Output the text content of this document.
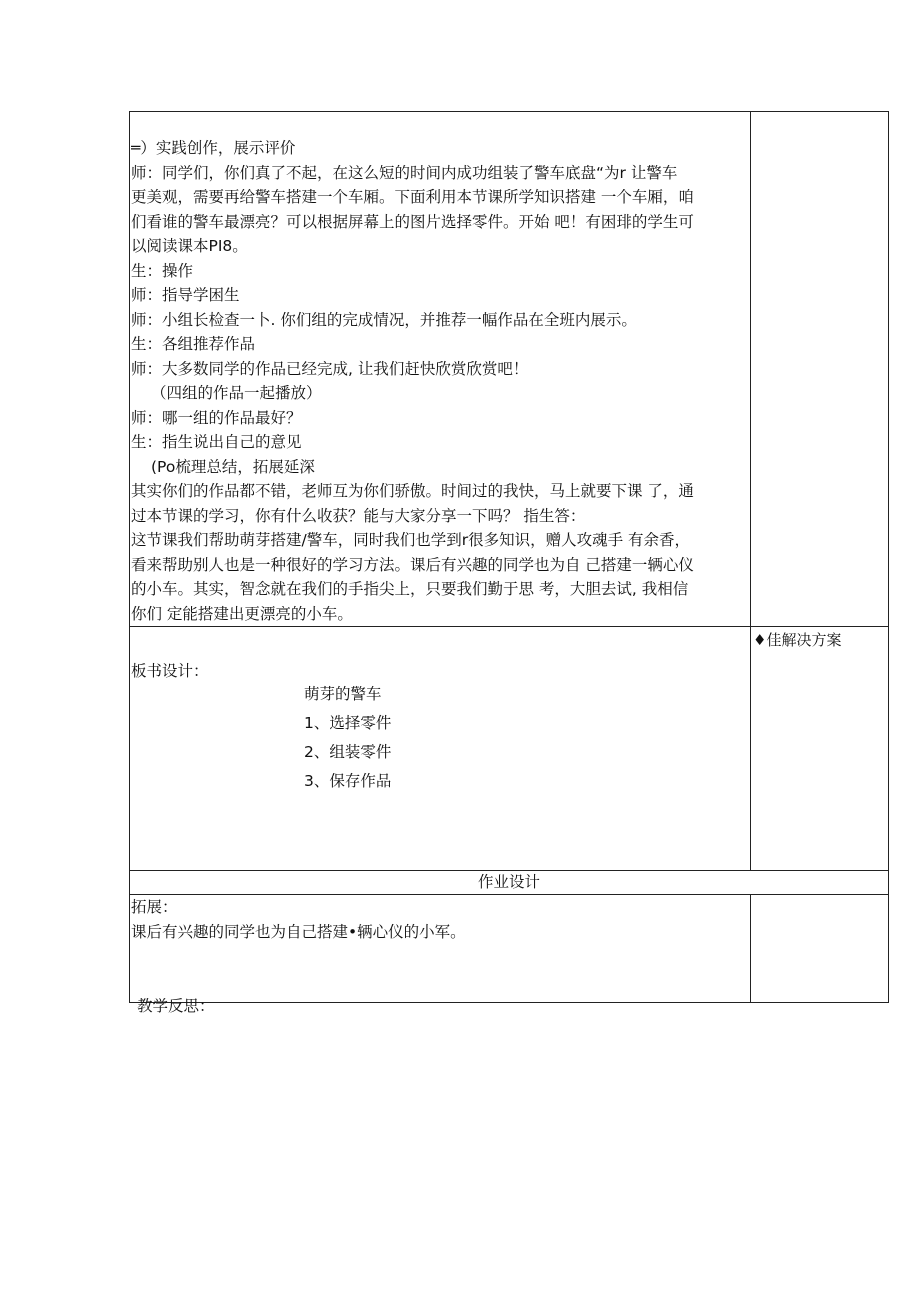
═）实践创作，展示评价
师：同学们，你们真了不起，在这么短的时间内成功组装了警车底盘“为r 让警车
更美观，需要再给警车搭建一个车厢。下面利用本节课所学知识搭建 一个车厢，咱
们看谁的警车最漂亮？可以根据屏幕上的图片选择零件。开始 吧！有困琲的学生可
以阅读课本PI8。
生：操作
师：指导学困生
师：小组长检查一卜. 你们组的完成情况，并推荐一幅作品在全班内展示。
生：各组推荐作品
师：大多数同学的作品已经完成, 让我们赶快欣赏欣赏吧！
（四组的作品一起播放）
师：哪一组的作品最好？
生：指生说出自己的意见
(Po梳理总结，拓展延深
其实你们的作品都不错，老师互为你们骄傲。时间过的我快，马上就要下课 了，通
过本节课的学习，你有什么收获？能与大家分享一下吗？ 指生答：
这节课我们帮助萌芽搭建/警车，同时我们也学到r很多知识，赠人攻魂手 有余香，
看来帮助别人也是一种很好的学习方法。课后有兴趣的同学也为自 己搭建一辆心仪
的小车。其实，智念就在我们的手指尖上，只要我们勤于思 考，大胆去试, 我相信
你们 定能搭建出更漂亮的小车。
板书设计：
萌芽的警车
1、选择零件
2、组装零件
3、保存作品
♦佳解决方案
作业设计
拓展：
课后有兴趣的同学也为自己搭建•辆心仪的小军。
教学反思：
